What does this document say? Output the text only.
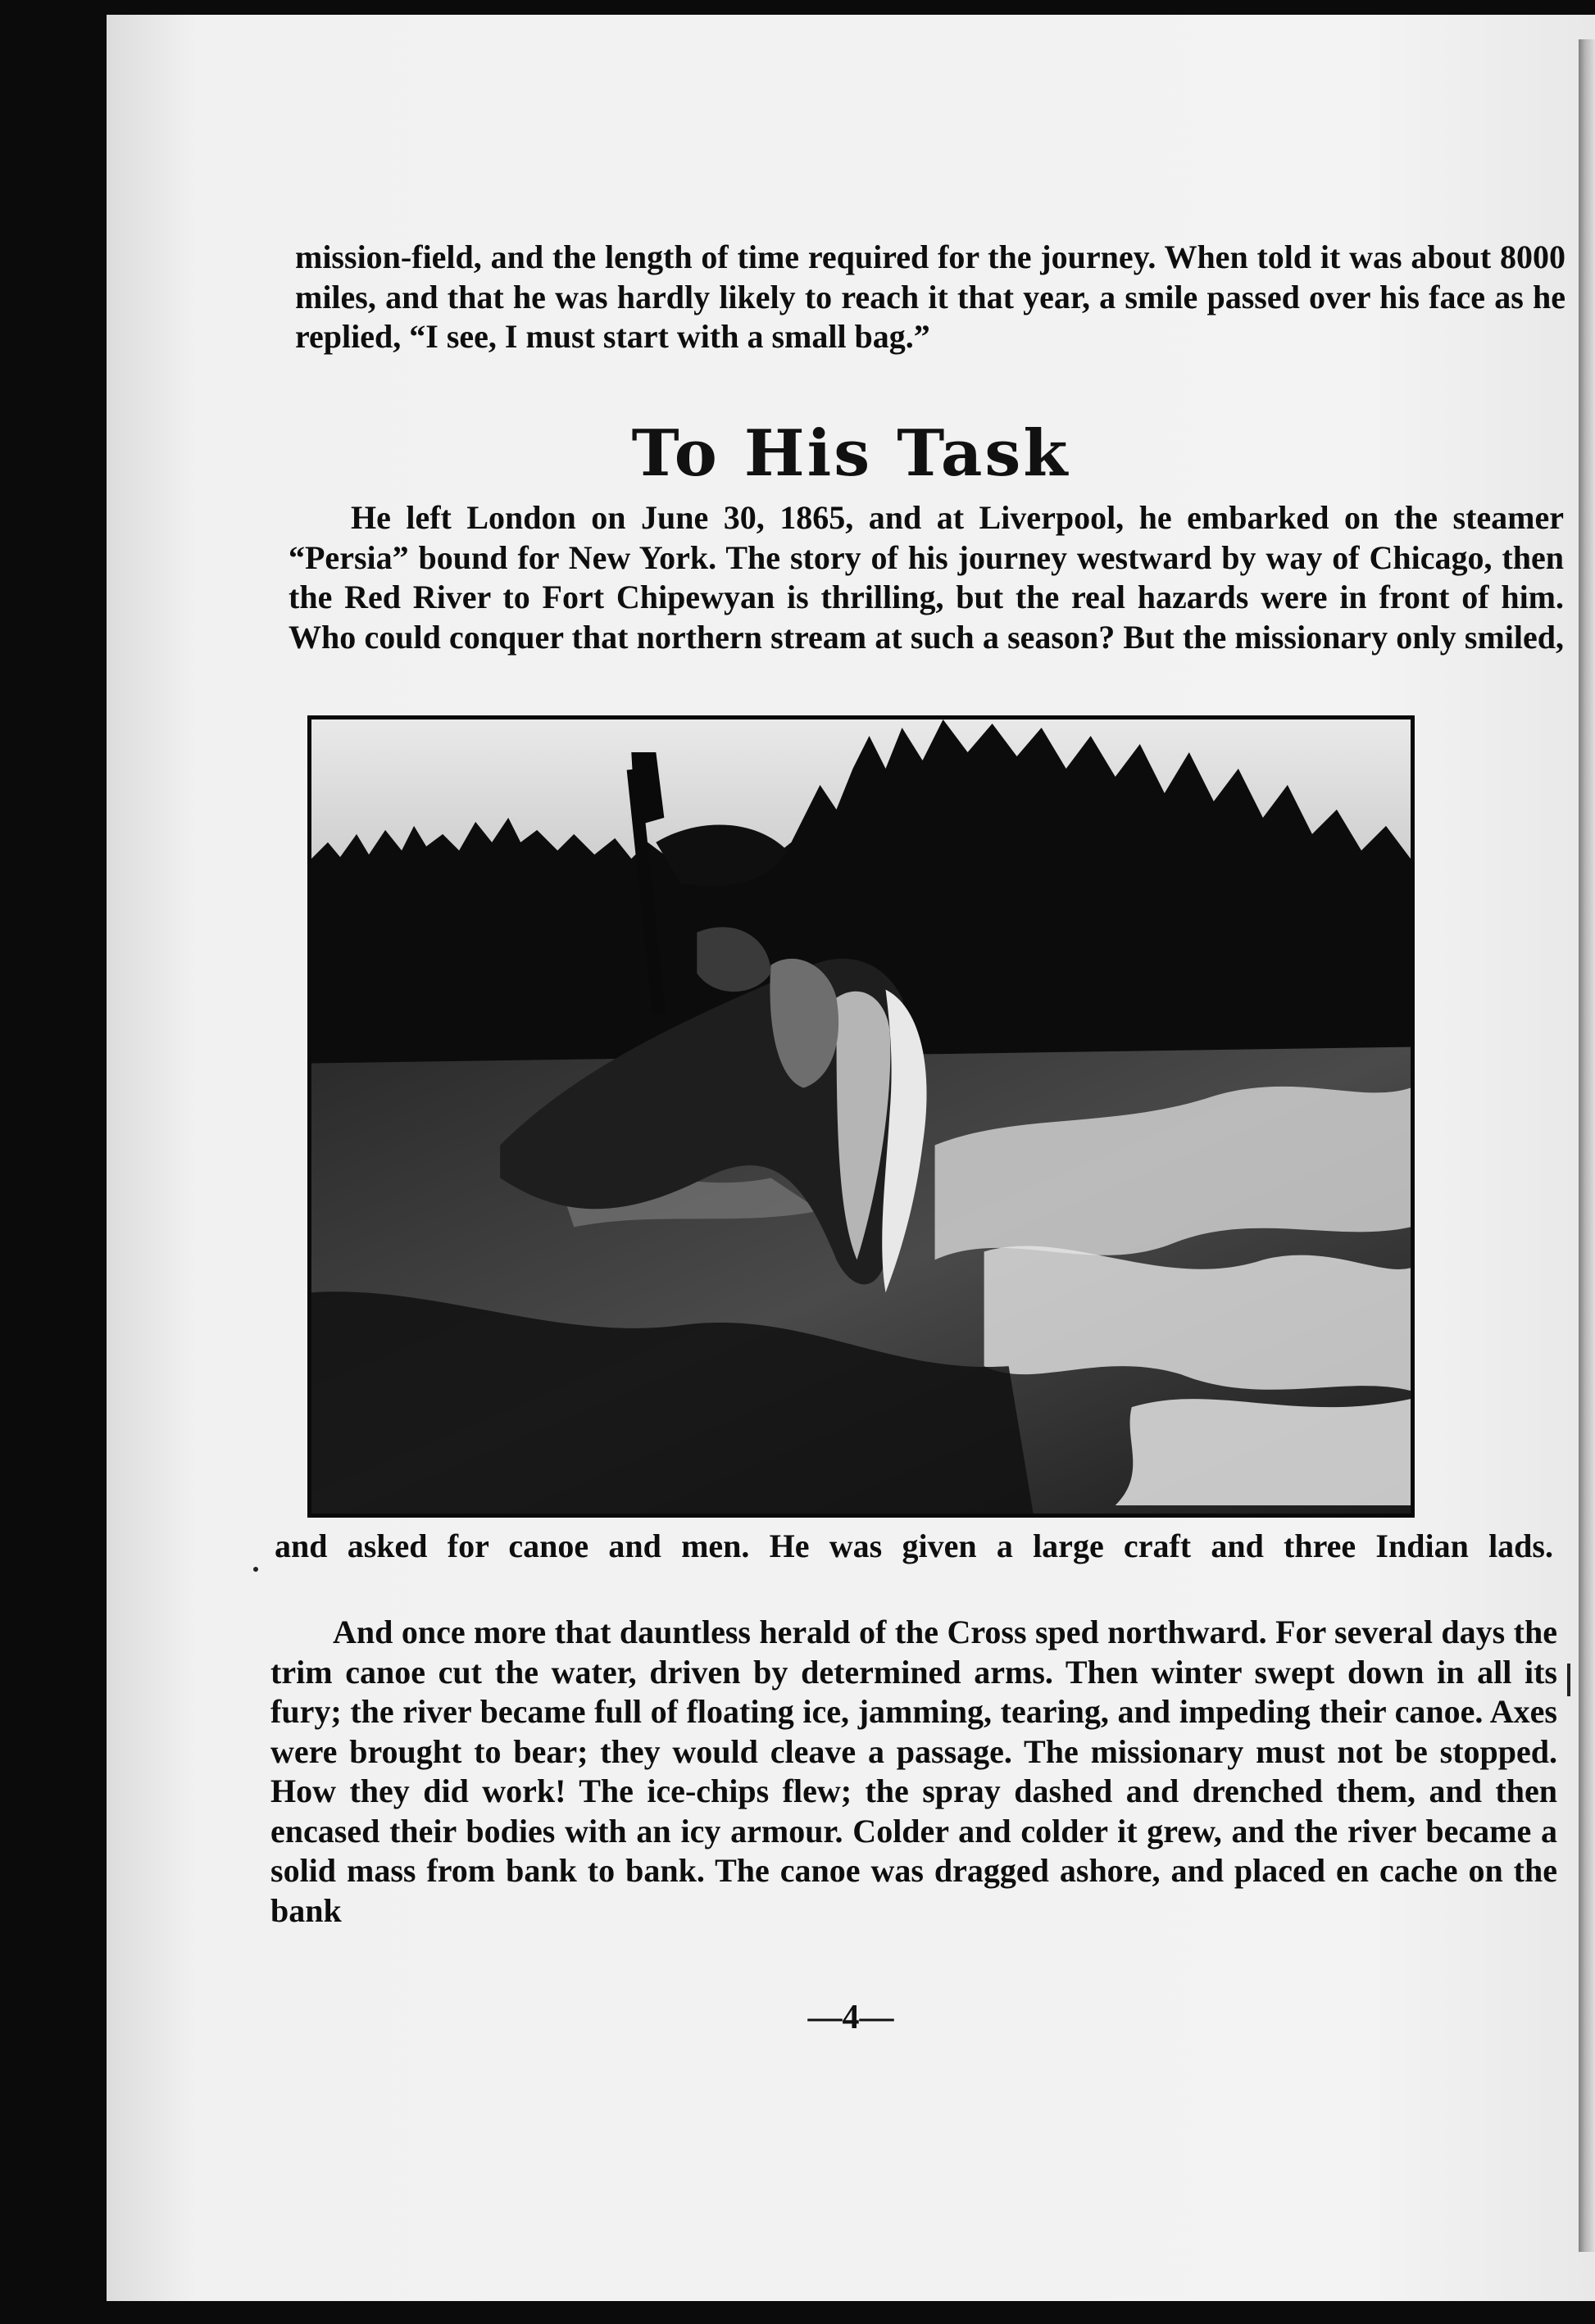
mission-field, and the length of time required for the journey. When told it was about 8000 miles, and that he was hardly likely to reach it that year, a smile passed over his face as he replied, “I see, I must start with a small bag.”

To His Task

He left London on June 30, 1865, and at Liverpool, he embarked on the steamer “Persia” bound for New York. The story of his journey westward by way of Chicago, then the Red River to Fort Chipewyan is thrilling, but the real hazards were in front of him. Who could conquer that northern stream at such a season? But the missionary only smiled,

and asked for canoe and men. He was given a large craft and three Indian lads.

And once more that dauntless herald of the Cross sped northward. For several days the trim canoe cut the water, driven by determined arms. Then winter swept down in all its fury; the river became full of floating ice, jamming, tearing, and impeding their canoe. Axes were brought to bear; they would cleave a passage. The missionary must not be stopped. How they did work! The ice-chips flew; the spray dashed and drenched them, and then encased their bodies with an icy armour. Colder and colder it grew, and the river became a solid mass from bank to bank. The canoe was dragged ashore, and placed en cache on the bank

—4—
